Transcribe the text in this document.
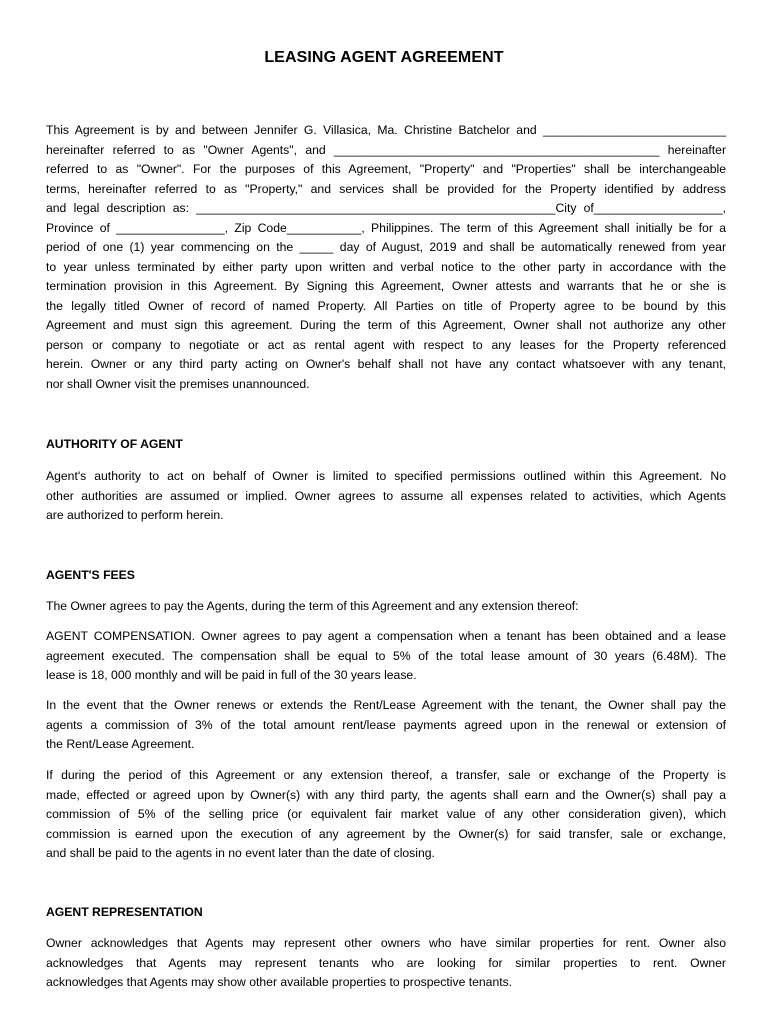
LEASING AGENT AGREEMENT
This Agreement is by and between Jennifer G. Villasica, Ma. Christine Batchelor and ___________________________
hereinafter referred to as "Owner Agents", and ________________________________________________ hereinafter
referred to as "Owner". For the purposes of this Agreement, "Property" and "Properties" shall be interchangeable
terms, hereinafter referred to as "Property," and services shall be provided for the Property identified by address
and legal description as: _____________________________________________________City of___________________,
Province of ________________, Zip Code___________, Philippines. The term of this Agreement shall initially be for a
period of one (1) year commencing on the _____ day of August, 2019 and shall be automatically renewed from year
to year unless terminated by either party upon written and verbal notice to the other party in accordance with the
termination provision in this Agreement. By Signing this Agreement, Owner attests and warrants that he or she is
the legally titled Owner of record of named Property. All Parties on title of Property agree to be bound by this
Agreement and must sign this agreement. During the term of this Agreement, Owner shall not authorize any other
person or company to negotiate or act as rental agent with respect to any leases for the Property referenced
herein. Owner or any third party acting on Owner's behalf shall not have any contact whatsoever with any tenant,
nor shall Owner visit the premises unannounced.
AUTHORITY OF AGENT
Agent's authority to act on behalf of Owner is limited to specified permissions outlined within this Agreement. No
other authorities are assumed or implied. Owner agrees to assume all expenses related to activities, which Agents
are authorized to perform herein.
AGENT'S FEES
The Owner agrees to pay the Agents, during the term of this Agreement and any extension thereof:
AGENT COMPENSATION. Owner agrees to pay agent a compensation when a tenant has been obtained and a lease
agreement executed. The compensation shall be equal to 5% of the total lease amount of 30 years (6.48M). The
lease is 18, 000 monthly and will be paid in full of the 30 years lease.
In the event that the Owner renews or extends the Rent/Lease Agreement with the tenant, the Owner shall pay the
agents a commission of 3% of the total amount rent/lease payments agreed upon in the renewal or extension of
the Rent/Lease Agreement.
If during the period of this Agreement or any extension thereof, a transfer, sale or exchange of the Property is
made, effected or agreed upon by Owner(s) with any third party, the agents shall earn and the Owner(s) shall pay a
commission of 5% of the selling price (or equivalent fair market value of any other consideration given), which
commission is earned upon the execution of any agreement by the Owner(s) for said transfer, sale or exchange,
and shall be paid to the agents in no event later than the date of closing.
AGENT REPRESENTATION
Owner acknowledges that Agents may represent other owners who have similar properties for rent. Owner also
acknowledges that Agents may represent tenants who are looking for similar properties to rent. Owner
acknowledges that Agents may show other available properties to prospective tenants.
